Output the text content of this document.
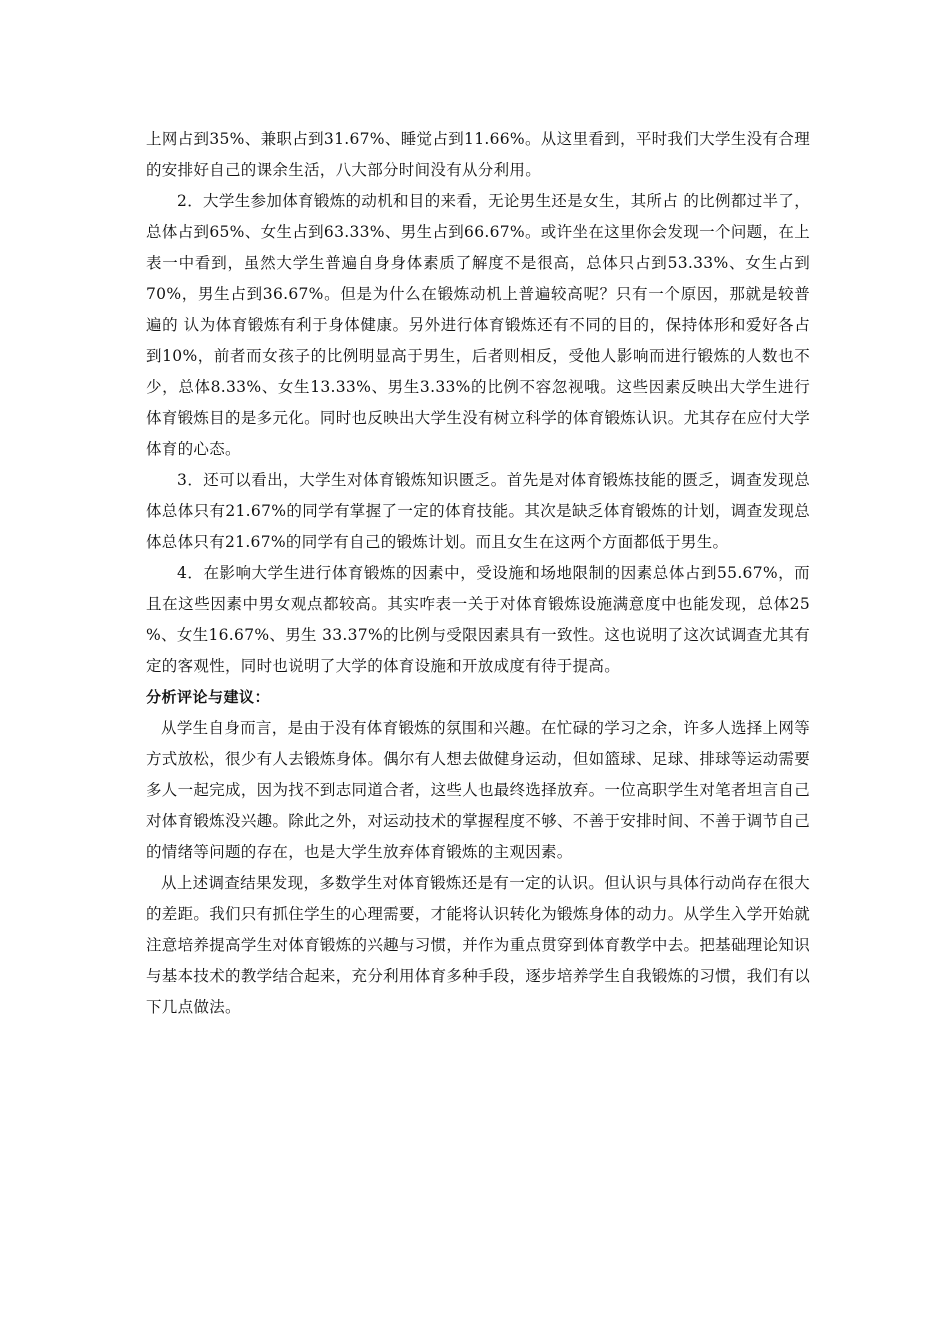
上网占到35%、兼职占到31.67%、睡觉占到11.66%。从这里看到，平时我们大学生没有合理的安排好自己的课余生活，八大部分时间没有从分利用。

2．大学生参加体育锻炼的动机和目的来看，无论男生还是女生，其所占 的比例都过半了，总体占到65%、女生占到63.33%、男生占到66.67%。或许坐在这里你会发现一个问题，在上表一中看到，虽然大学生普遍自身身体素质了解度不是很高，总体只占到53.33%、女生占到70%，男生占到36.67%。但是为什么在锻炼动机上普遍较高呢？只有一个原因，那就是较普遍的 认为体育锻炼有利于身体健康。另外进行体育锻炼还有不同的目的，保持体形和爱好各占到10%，前者而女孩子的比例明显高于男生，后者则相反，受他人影响而进行锻炼的人数也不少，总体8.33%、女生13.33%、男生3.33%的比例不容忽视哦。这些因素反映出大学生进行体育锻炼目的是多元化。同时也反映出大学生没有树立科学的体育锻炼认识。尤其存在应付大学体育的心态。

3．还可以看出，大学生对体育锻炼知识匮乏。首先是对体育锻炼技能的匮乏，调查发现总体总体只有21.67%的同学有掌握了一定的体育技能。其次是缺乏体育锻炼的计划，调查发现总体总体只有21.67%的同学有自己的锻炼计划。而且女生在这两个方面都低于男生。

4．在影响大学生进行体育锻炼的因素中，受设施和场地限制的因素总体占到55.67%，而且在这些因素中男女观点都较高。其实咋表一关于对体育锻炼设施满意度中也能发现，总体25 %、女生16.67%、男生 33.37%的比例与受限因素具有一致性。这也说明了这次试调查尤其有定的客观性，同时也说明了大学的体育设施和开放成度有待于提高。

分析评论与建议：

从学生自身而言，是由于没有体育锻炼的氛围和兴趣。在忙碌的学习之余，许多人选择上网等方式放松，很少有人去锻炼身体。偶尔有人想去做健身运动，但如篮球、足球、排球等运动需要多人一起完成，因为找不到志同道合者，这些人也最终选择放弃。一位高职学生对笔者坦言自己对体育锻炼没兴趣。除此之外，对运动技术的掌握程度不够、不善于安排时间、不善于调节自己的情绪等问题的存在，也是大学生放弃体育锻炼的主观因素。

从上述调查结果发现，多数学生对体育锻炼还是有一定的认识。但认识与具体行动尚存在很大的差距。我们只有抓住学生的心理需要，才能将认识转化为锻炼身体的动力。从学生入学开始就注意培养提高学生对体育锻炼的兴趣与习惯，并作为重点贯穿到体育教学中去。把基础理论知识与基本技术的教学结合起来，充分利用体育多种手段，逐步培养学生自我锻炼的习惯，我们有以下几点做法。
